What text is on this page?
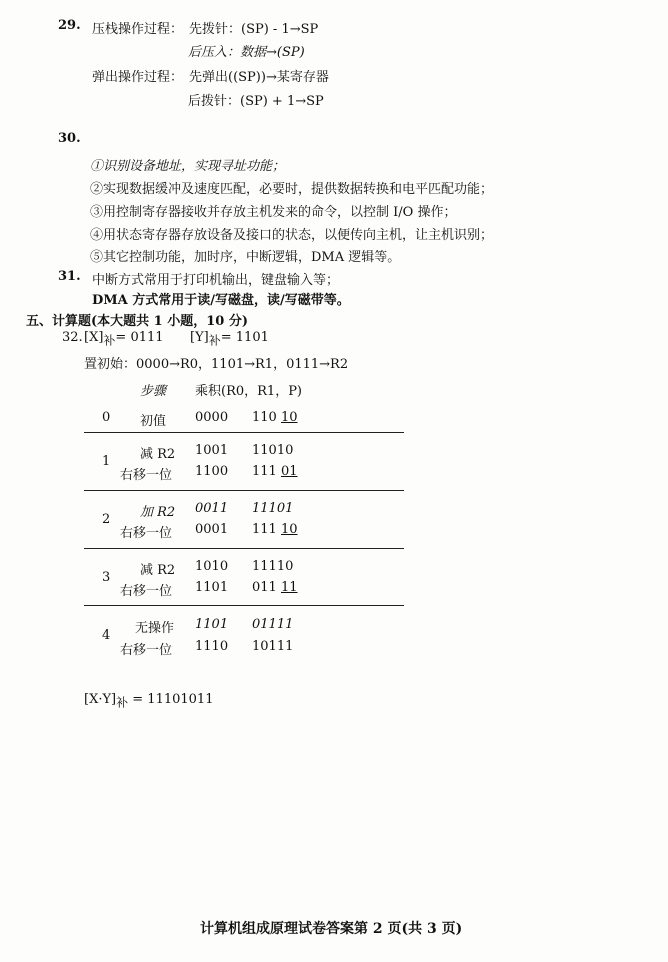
29. 压栈操作过程： 先拨针：(SP) - 1→SP
后压入：数据→(SP)
弹出操作过程： 先弹出((SP))→某寄存器
后拨针：(SP) + 1→SP
30.
①识别设备地址，实现寻址功能；
②实现数据缓冲及速度匹配，必要时，提供数据转换和电平匹配功能；
③用控制寄存器接收并存放主机发来的命令，以控制 I/O 操作；
④用状态寄存器存放设备及接口的状态，以便传向主机，让主机识别；
⑤其它控制功能，加时序，中断逻辑，DMA 逻辑等。
31. 中断方式常用于打印机输出，键盘输入等；
DMA 方式常用于读/写磁盘，读/写磁带等。
五、计算题(本大题共 1 小题，10 分)
32. $[X]_补= 0111$ $[Y]_补= 1101$
置初始：0000→R0，1101→R1，0111→R2
步骤 乘积(R0，R1，P)
0 初值 0000 110 10
1 减 R2 1001 11010
右移一位 1100 111 01
2 加 R2 0011 11101
右移一位 0001 111 10
3 减 R2 1010 11110
右移一位 1101 011 11
4 无操作 1101 01111
右移一位 1110 10111
$[X\cdot Y]_补 = 11101011$
计算机组成原理试卷答案第 2 页(共 3 页)
